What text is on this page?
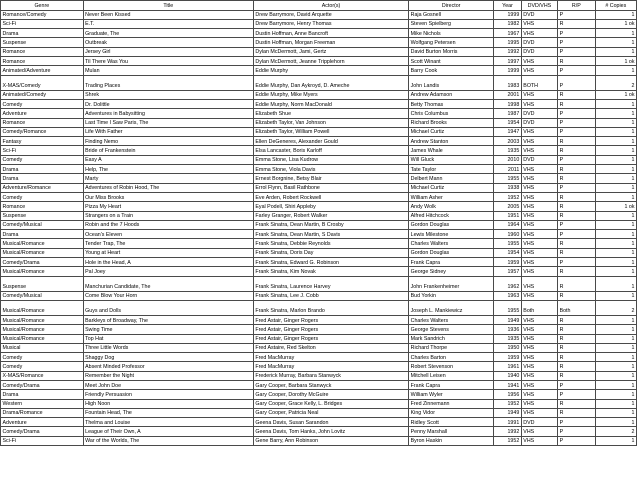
Genre	Title	Actor(s)	Director	Year	DVD/VHS	R/P	# Copies
Romance/Comedy	Never Been Kissed	Drew Barrymore, David Arquette	Raja Gosnell	1999	DVD	P	1
Sci-Fi	E.T.	Drew Barrymore, Henry Thomas	Steven Spielberg	1982	VHS	R	1 ok
Drama	Graduate, The	Dustin Hoffman, Anne Bancroft	Mike Nichols	1967	VHS	P	1
Suspense	Outbreak	Dustin Hoffman, Morgan Freeman	Wolfgang Petersen	1995	DVD	P	1
Romance	Jersey Girl	Dylan McDermott, Jami, Gertz	David Burton Morris	1992	DVD	P	1
Romance	Til There Was You	Dylan McDermott, Jeanne Tripplehorn	Scott Winant	1997	VHS	R	1 ok
Animated/Adventure	Mulan	Eddie Murphy	Barry Cook	1999	VHS	P	1
X-MAS/Comedy	Trading Places	Eddie Murphy, Dan Aykroyd, D. Ameche	John Landis	1983	BOTH	P	2
Animated/Comedy	Shrek	Eddie Murphy, Mike Myers	Andrew Adamson	2001	VHS	R	1 ok
Comedy	Dr. Dolittle	Eddie Murphy, Norm MacDonald	Betty Thomas	1998	VHS	R	1
Adventure	Adventures in Babysitting	Elizabeth Shue	Chris Columbus	1987	DVD	P	1
Romance	Last Time I Saw Paris, The	Elizabeth Taylor, Van Johnson	Richard Brooks	1954	DVD	P	1
Comedy/Romance	Life With Father	Elizabeth Taylor, William Powell	Michael Curtiz	1947	VHS	P	1
Fantasy	Finding Nemo	Ellen DeGeneres, Alexander Gould	Andrew Stanton	2003	VHS	R	1
Sci-Fi	Bride of Frankenstein	Elsa Lancaster, Boris Karloff	James Whale	1935	VHS	R	1
Comedy	Easy A	Emma Stone, Lisa Kudrow	Will Gluck	2010	DVD	P	1
Drama	Help, The	Emma Stone, Viola Davis	Tate Taylor	2011	VHS	R	1
Drama	Marty	Ernest Borgnine, Betsy Blair	Delbert Mann	1955	VHS	R	1
Adventure/Romance	Adventures of Robin Hood, The	Errol Flynn, Basil Rathbone	Michael Curtiz	1938	VHS	P	1
Comedy	Our Miss Brooks	Eve Arden, Robert Rockwell	William Asher	1952	VHS	R	1
Romance	Pizza My Heart	Eyal Podell, Shiri Appleby	Andy Wolk	2005	VHS	R	1 ok
Suspense	Strangers on a Train	Farley Granger, Robert Walker	Alfred Hitchcock	1951	VHS	R	1
Comedy/Musical	Robin and the 7 Hoods	Frank Sinatra, Dean Martin, B Crosby	Gordon Douglas	1964	VHS	P	1
Drama	Ocean's Eleven	Frank Sinatra, Dean Martin, S Davis	Lewis Milestone	1960	VHS	P	1
Musical/Romance	Tender Trap, The	Frank Sinatra, Debbie Reynolds	Charles Walters	1955	VHS	R	1
Musical/Romance	Young at Heart	Frank Sinatra, Doris Day	Gordon Douglas	1954	VHS	R	1
Comedy/Drama	Hole in the Head, A	Frank Sinatra, Edward G. Robinson	Frank Capra	1959	VHS	P	1
Musical/Romance	Pal Joey	Frank Sinatra, Kim Novak	George Sidney	1957	VHS	R	1
Suspense	Manchurian Candidate, The	Frank Sinatra, Laurence Harvey	John Frankenheimer	1962	VHS	R	1
Comedy/Musical	Come Blow Your Horn	Frank Sinatra, Lee J. Cobb	Bud Yorkin	1963	VHS	R	1
Musical/Romance	Guys and Dolls	Frank Sinatra, Marlon Brando	Joseph L. Mankiewicz	1955	Both	Both	2
Musical/Romance	Barkleys of Broadway, The	Fred Astair, Ginger Rogers	Charles Walters	1949	VHS	R	1
Musical/Romance	Swing Time	Fred Astair, Ginger Rogers	George Stevens	1936	VHS	R	1
Musical/Romance	Top Hat	Fred Astair, Ginger Rogers	Mark Sandrich	1935	VHS	R	1
Musical	Three Little Words	Fred Astaire, Red Skelton	Richard Thorpe	1950	VHS	R	1
Comedy	Shaggy Dog	Fred MacMurray	Charles Barton	1959	VHS	R	1
Comedy	Absent Minded Professor	Fred MacMurray	Robert Stevenson	1961	VHS	R	1
X-MAS/Romance	Remember the Night	Frederick Murray, Barbara Stanwyck	Mitchell Leisen	1940	VHS	R	1
Comedy/Drama	Meet John Doe	Gary Cooper, Barbara Stanwyck	Frank Capra	1941	VHS	P	1
Drama	Friendly Persuasion	Gary Cooper, Dorothy McGuire	William Wyler	1956	VHS	P	1
Western	High Noon	Gary Cooper, Grace Kelly, L. Bridges	Fred Zinnemann	1952	VHS	R	1
Drama/Romance	Fountain Head, The	Gary Cooper, Patricia Neal	King Vidor	1949	VHS	R	1
Adventure	Thelma and Louise	Geena Davis, Susan Sarandon	Ridley Scott	1991	DVD	P	1
Comedy/Drama	League of Their Own, A	Geena Davis, Tom Hanks, John Lovitz	Penny Marshall	1992	VHS	P	2
Sci-Fi	War of the Worlds, The	Gene Barry, Ann Robinson	Byron Haskin	1952	VHS	P	1
